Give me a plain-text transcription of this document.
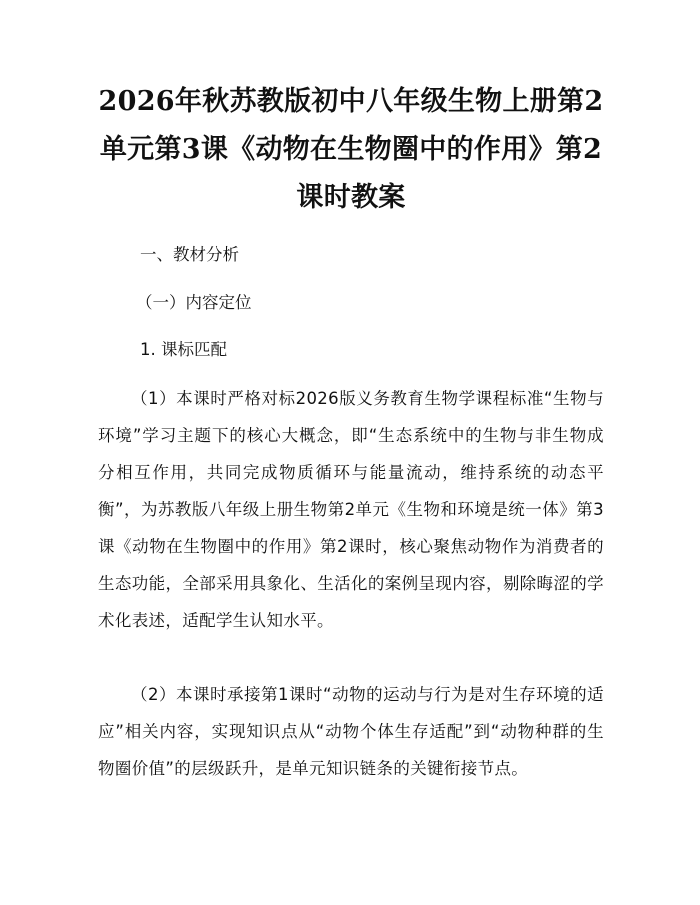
2026年秋苏教版初中八年级生物上册第2单元第3课《动物在生物圈中的作用》第2课时教案

一、教材分析

（一）内容定位

1. 课标匹配

（1）本课时严格对标2026版义务教育生物学课程标准“生物与环境”学习主题下的核心大概念，即“生态系统中的生物与非生物成分相互作用，共同完成物质循环与能量流动，维持系统的动态平衡”，为苏教版八年级上册生物第2单元《生物和环境是统一体》第3课《动物在生物圈中的作用》第2课时，核心聚焦动物作为消费者的生态功能，全部采用具象化、生活化的案例呈现内容，剔除晦涩的学术化表述，适配学生认知水平。

（2）本课时承接第1课时“动物的运动与行为是对生存环境的适应”相关内容，实现知识点从“动物个体生存适配”到“动物种群的生物圈价值”的层级跃升，是单元知识链条的关键衔接节点。
